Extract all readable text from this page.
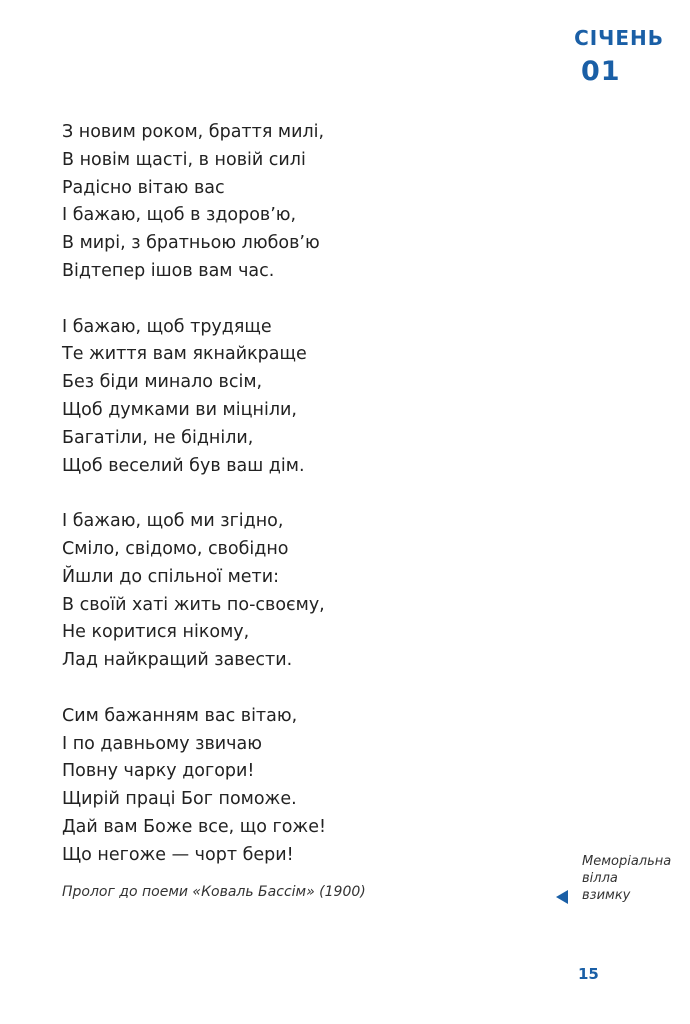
СІЧЕНЬ
01
З новим роком, браття милі,
В новім щасті, в новій силі
Радісно вітаю вас
І бажаю, щоб в здоров’ю,
В мирі, з братньою любов’ю
Відтепер ішов вам час.
І бажаю, щоб трудяще
Те життя вам якнайкраще
Без біди минало всім,
Щоб думками ви міцніли,
Багатіли, не бідніли,
Щоб веселий був ваш дім.
І бажаю, щоб ми згідно,
Сміло, свідомо, свобідно
Йшли до спільної мети:
В своїй хаті жить по-своєму,
Не коритися нікому,
Лад найкращий завести.
Сим бажанням вас вітаю,
І по давньому звичаю
Повну чарку догори!
Щирій праці Бог поможе.
Дай вам Боже все, що гоже!
Що негоже — чорт бери!
Пролог до поеми «Коваль Бассім» (1900)
Меморіальна
вілла
взимку
15
